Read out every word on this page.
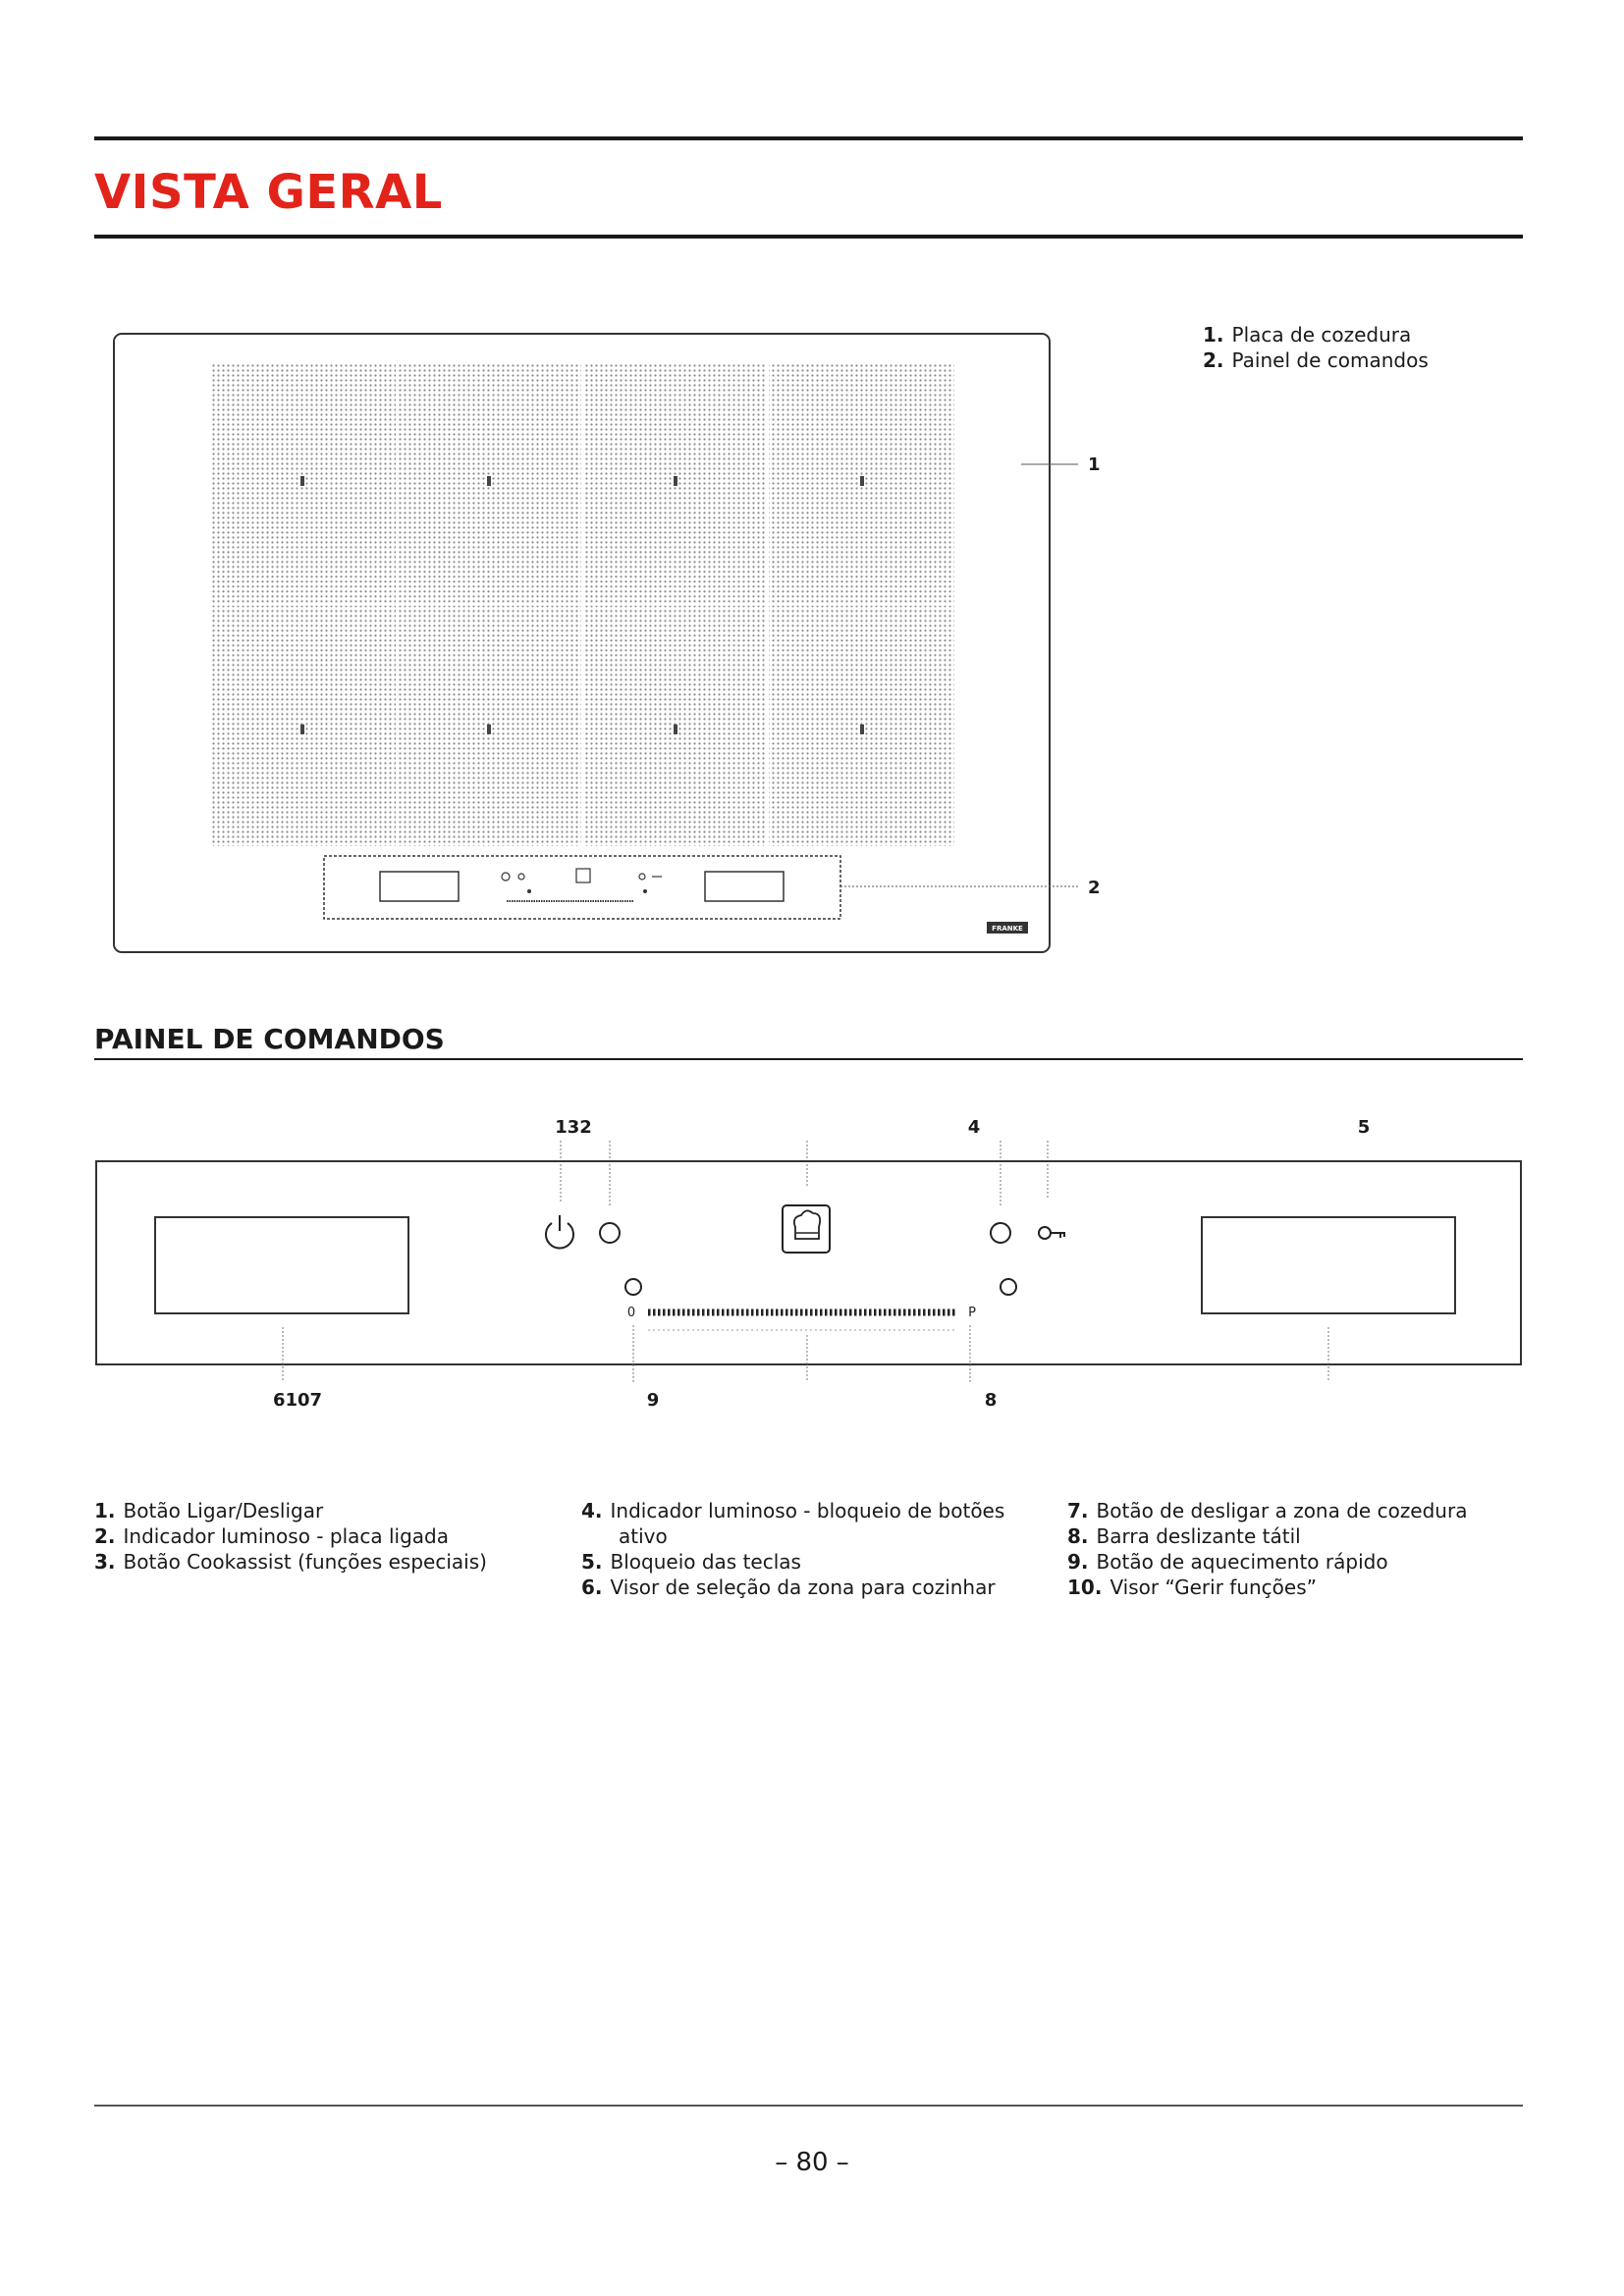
VISTA GERAL
1. Placa de cozedura
2. Painel de comandos
FRANKE
1
2
PAINEL DE COMANDOS
132	4	5
0	P
6107	9	8
1. Botão Ligar/Desligar
2. Indicador luminoso - placa ligada
3. Botão Cookassist (funções especiais)
4. Indicador luminoso - bloqueio de botões
ativo
5. Bloqueio das teclas
6. Visor de seleção da zona para cozinhar
7. Botão de desligar a zona de cozedura
8. Barra deslizante tátil
9. Botão de aquecimento rápido
10. Visor “Gerir funções”
– 80 –
